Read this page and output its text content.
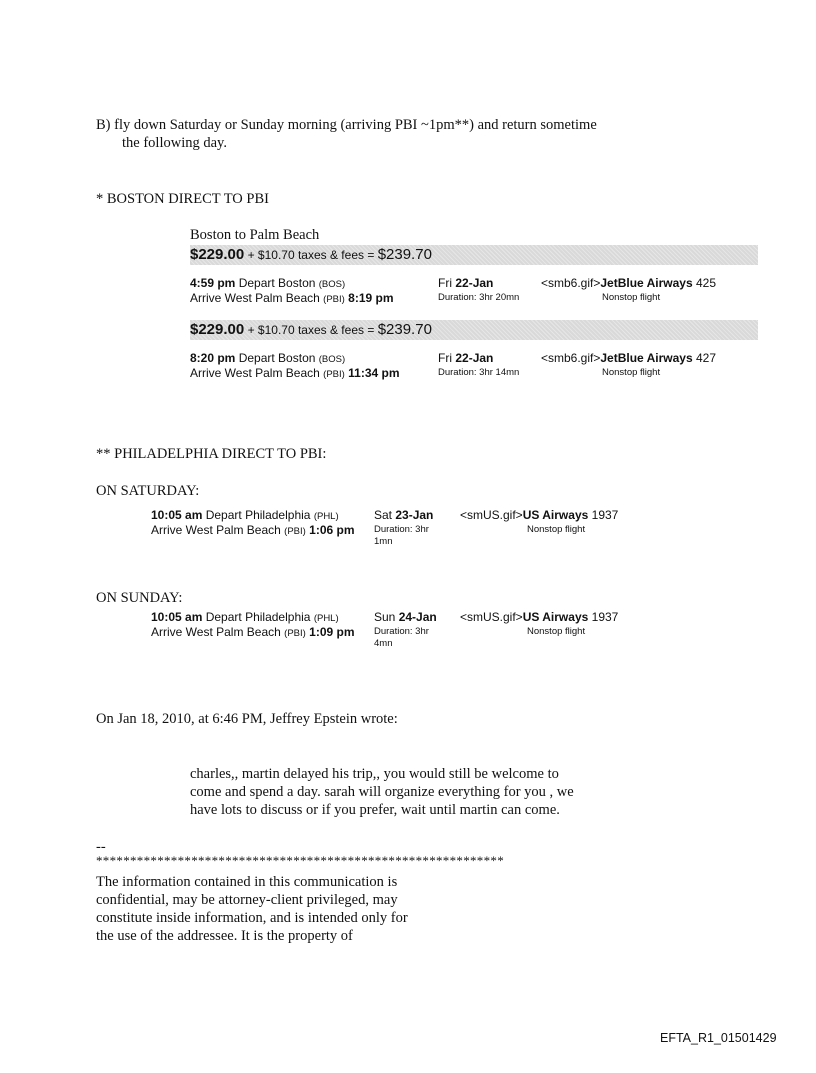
B) fly down Saturday or Sunday morning (arriving PBI ~1pm**) and return sometime
the following day.
* BOSTON DIRECT TO PBI
Boston to Palm Beach
$229.00 + $10.70 taxes & fees = $239.70
4:59 pm Depart Boston (BOS)
Arrive West Palm Beach (PBI) 8:19 pm
Fri 22-Jan
Duration: 3hr 20mn
<smb6.gif>JetBlue Airways 425
Nonstop flight
$229.00 + $10.70 taxes & fees = $239.70
8:20 pm Depart Boston (BOS)
Arrive West Palm Beach (PBI) 11:34 pm
Fri 22-Jan
Duration: 3hr 14mn
<smb6.gif>JetBlue Airways 427
Nonstop flight
** PHILADELPHIA DIRECT TO PBI:
ON SATURDAY:
10:05 am Depart Philadelphia (PHL)
Arrive West Palm Beach (PBI) 1:06 pm
Sat 23-Jan
Duration: 3hr
1mn
<smUS.gif>US Airways 1937
Nonstop flight
ON SUNDAY:
10:05 am Depart Philadelphia (PHL)
Arrive West Palm Beach (PBI) 1:09 pm
Sun 24-Jan
Duration: 3hr
4mn
<smUS.gif>US Airways 1937
Nonstop flight
On Jan 18, 2010, at 6:46 PM, Jeffrey Epstein wrote:
charles,, martin delayed his trip,, you would still be welcome to
come and spend a day. sarah will organize everything for you , we
have lots to discuss or if you prefer, wait until martin can come.
--
************************************************************
The information contained in this communication is
confidential, may be attorney-client privileged, may
constitute inside information, and is intended only for
the use of the addressee. It is the property of
EFTA_R1_01501429
